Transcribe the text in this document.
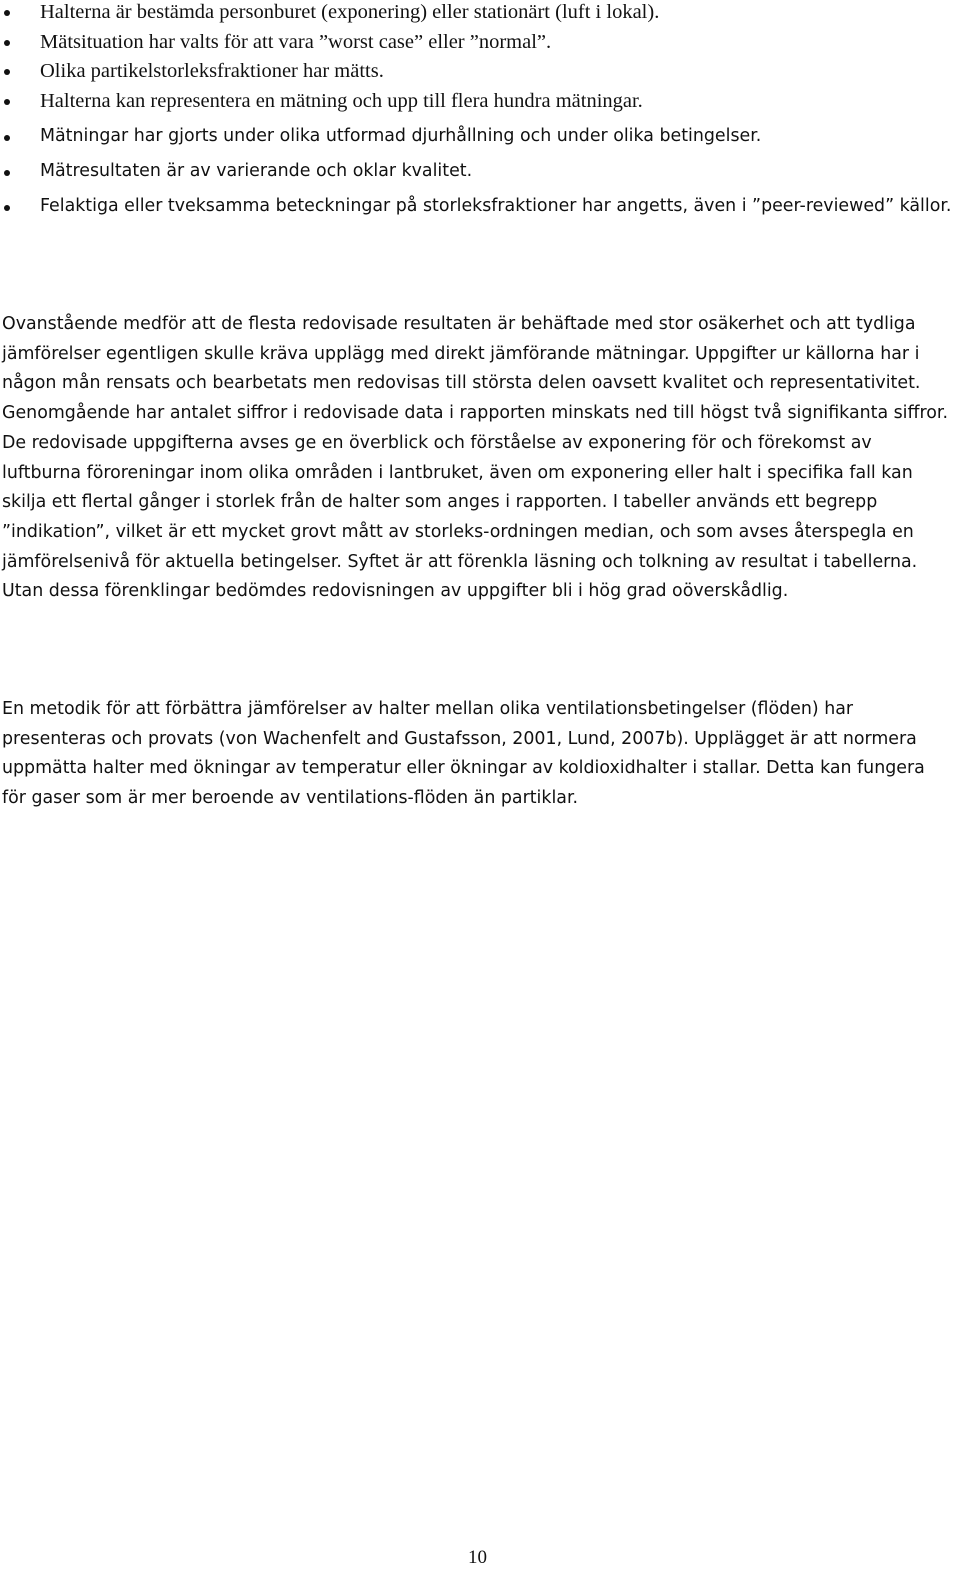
Halterna är bestämda personburet (exponering) eller stationärt (luft i lokal).
Mätsituation har valts för att vara ”worst case” eller ”normal”.
Olika partikelstorleksfraktioner har mätts.
Halterna kan representera en mätning och upp till flera hundra mätningar.
Mätningar har gjorts under olika utformad djurhållning och under olika betingelser.
Mätresultaten är av varierande och oklar kvalitet.
Felaktiga eller tveksamma beteckningar på storleksfraktioner har angetts, även i ”peer-reviewed” källor.

Ovanstående medför att de flesta redovisade resultaten är behäftade med stor osäkerhet och att tydliga jämförelser egentligen skulle kräva upplägg med direkt jämförande mätningar. Uppgifter ur källorna har i någon mån rensats och bearbetats men redovisas till största delen oavsett kvalitet och representativitet. Genomgående har antalet siffror i redovisade data i rapporten minskats ned till högst två signifikanta siffror. De redovisade uppgifterna avses ge en överblick och förståelse av exponering för och förekomst av luftburna föroreningar inom olika områden i lantbruket, även om exponering eller halt i specifika fall kan skilja ett flertal gånger i storlek från de halter som anges i rapporten. I tabeller används ett begrepp ”indikation”, vilket är ett mycket grovt mått av storleks-ordningen median, och som avses återspegla en jämförelsenivå för aktuella betingelser. Syftet är att förenkla läsning och tolkning av resultat i tabellerna. Utan dessa förenklingar bedömdes redovisningen av uppgifter bli i hög grad oöverskådlig.

En metodik för att förbättra jämförelser av halter mellan olika ventilationsbetingelser (flöden) har presenteras och provats (von Wachenfelt and Gustafsson, 2001, Lund, 2007b). Upplägget är att normera uppmätta halter med ökningar av temperatur eller ökningar av koldioxidhalter i stallar. Detta kan fungera för gaser som är mer beroende av ventilations-flöden än partiklar.

10
